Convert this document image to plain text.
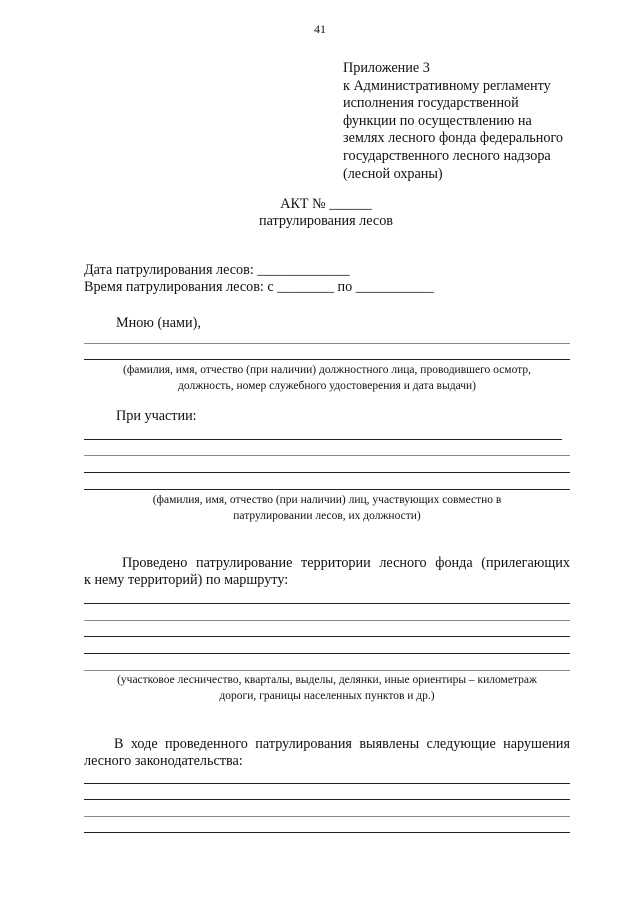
41
Приложение 3
к Административному регламенту
исполнения государственной
функции по осуществлению на
землях лесного фонда федерального
государственного лесного надзора
(лесной охраны)
АКТ № ______
патрулирования лесов
Дата патрулирования лесов: _____________
Время патрулирования лесов: с ________ по ___________
Мною (нами),
(фамилия, имя, отчество (при наличии) должностного лица, проводившего осмотр,
должность, номер служебного удостоверения и дата выдачи)
При участии:
(фамилия, имя, отчество (при наличии) лиц, участвующих совместно в
патрулировании лесов, их должности)
Проведено патрулирование территории лесного фонда (прилегающих
к нему территорий) по маршруту:
(участковое лесничество, кварталы, выделы, делянки, иные ориентиры – километраж
дороги, границы населенных пунктов и др.)
В ходе проведенного патрулирования выявлены следующие нарушения
лесного законодательства:
